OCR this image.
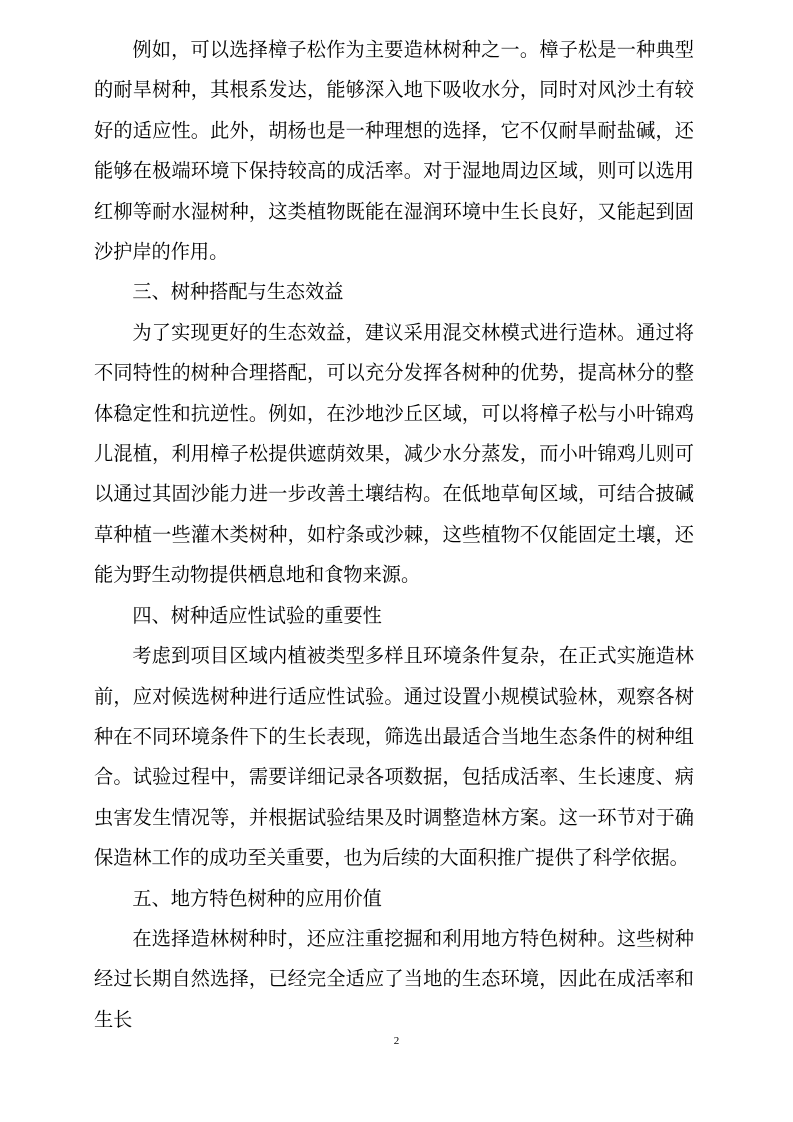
例如，可以选择樟子松作为主要造林树种之一。樟子松是一种典型的耐旱树种，其根系发达，能够深入地下吸收水分，同时对风沙土有较好的适应性。此外，胡杨也是一种理想的选择，它不仅耐旱耐盐碱，还能够在极端环境下保持较高的成活率。对于湿地周边区域，则可以选用红柳等耐水湿树种，这类植物既能在湿润环境中生长良好，又能起到固沙护岸的作用。

三、树种搭配与生态效益

为了实现更好的生态效益，建议采用混交林模式进行造林。通过将不同特性的树种合理搭配，可以充分发挥各树种的优势，提高林分的整体稳定性和抗逆性。例如，在沙地沙丘区域，可以将樟子松与小叶锦鸡儿混植，利用樟子松提供遮荫效果，减少水分蒸发，而小叶锦鸡儿则可以通过其固沙能力进一步改善土壤结构。在低地草甸区域，可结合披碱草种植一些灌木类树种，如柠条或沙棘，这些植物不仅能固定土壤，还能为野生动物提供栖息地和食物来源。

四、树种适应性试验的重要性

考虑到项目区域内植被类型多样且环境条件复杂，在正式实施造林前，应对候选树种进行适应性试验。通过设置小规模试验林，观察各树种在不同环境条件下的生长表现，筛选出最适合当地生态条件的树种组合。试验过程中，需要详细记录各项数据，包括成活率、生长速度、病虫害发生情况等，并根据试验结果及时调整造林方案。这一环节对于确保造林工作的成功至关重要，也为后续的大面积推广提供了科学依据。

五、地方特色树种的应用价值

在选择造林树种时，还应注重挖掘和利用地方特色树种。这些树种经过长期自然选择，已经完全适应了当地的生态环境，因此在成活率和生长

2
